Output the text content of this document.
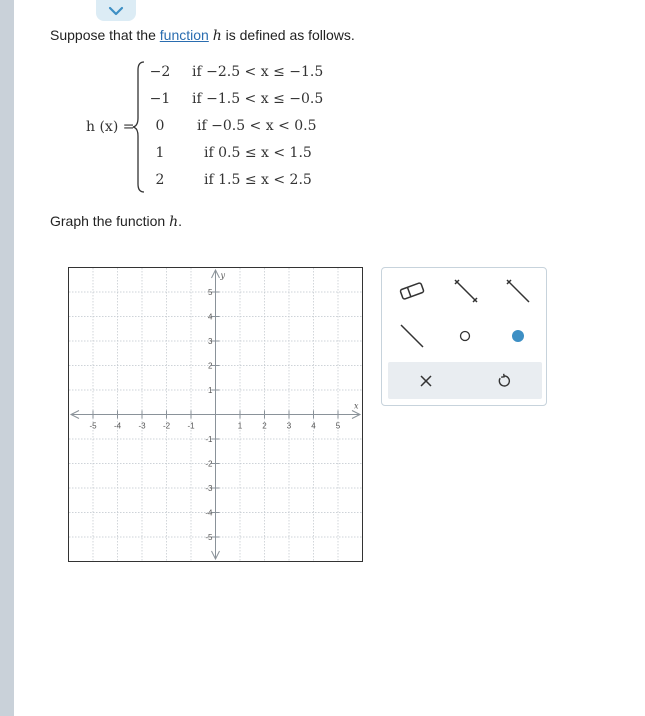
Suppose that the function h is defined as follows.
h (x) =
−2 if −2.5 < x ≤ −1.5
−1 if −1.5 < x ≤ −0.5
0 if −0.5 < x < 0.5
1	if 0.5 ≤ x < 1.5
2	if 1.5 ≤ x < 2.5
Graph the function h.
-5 -4 -3 -2 -1	1	2	3	4	5
5
4
3
2
1
-1
-2
-3
-4
-5
x
y
